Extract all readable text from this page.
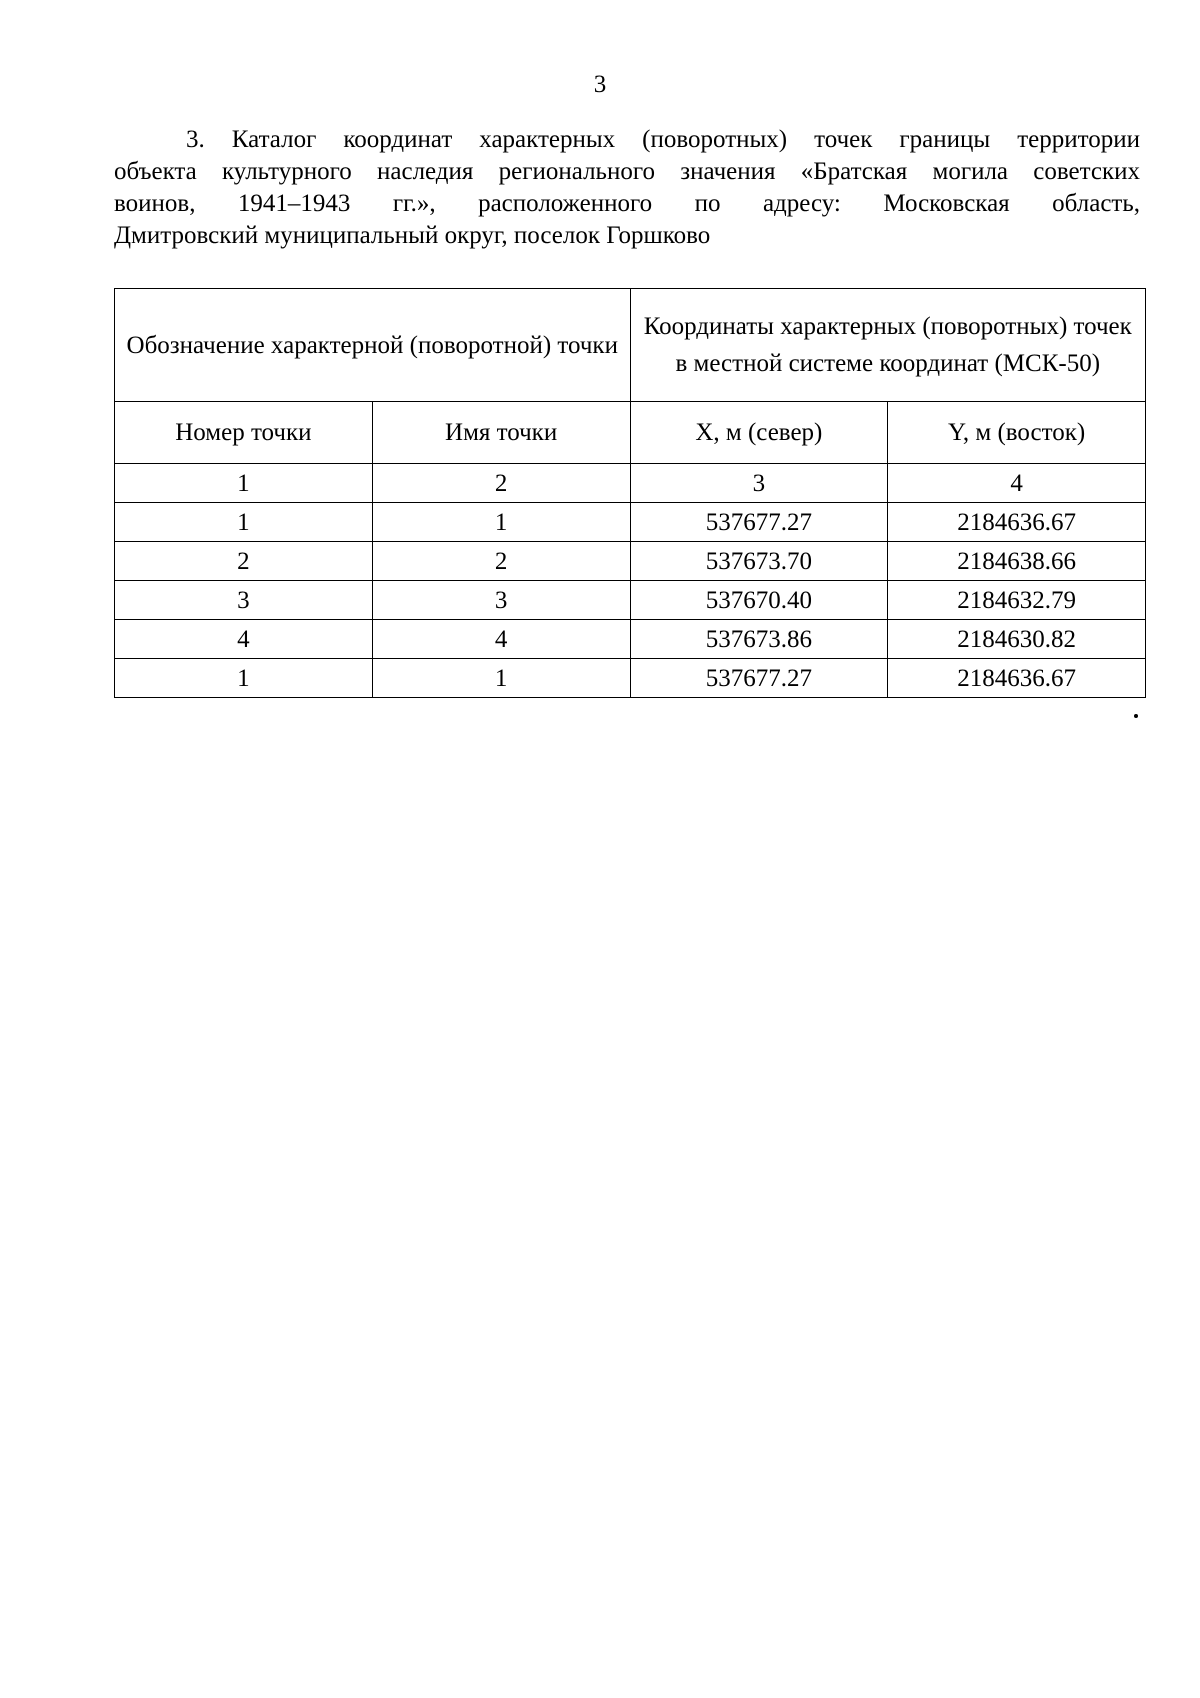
3

3. Каталог координат характерных (поворотных) точек границы территории
объекта культурного наследия регионального значения «Братская могила советских
воинов, 1941–1943 гг.», расположенного по адресу: Московская область,
Дмитровский муниципальный округ, поселок Горшково

Обозначение характерной (поворотной) точки		Координаты характерных (поворотных) точек в местной системе координат (МСК-50)	
Номер точки	Имя точки	X, м (север)	Y, м (восток)
1	2	3	4
1	1	537677.27	2184636.67
2	2	537673.70	2184638.66
3	3	537670.40	2184632.79
4	4	537673.86	2184630.82
1	1	537677.27	2184636.67
